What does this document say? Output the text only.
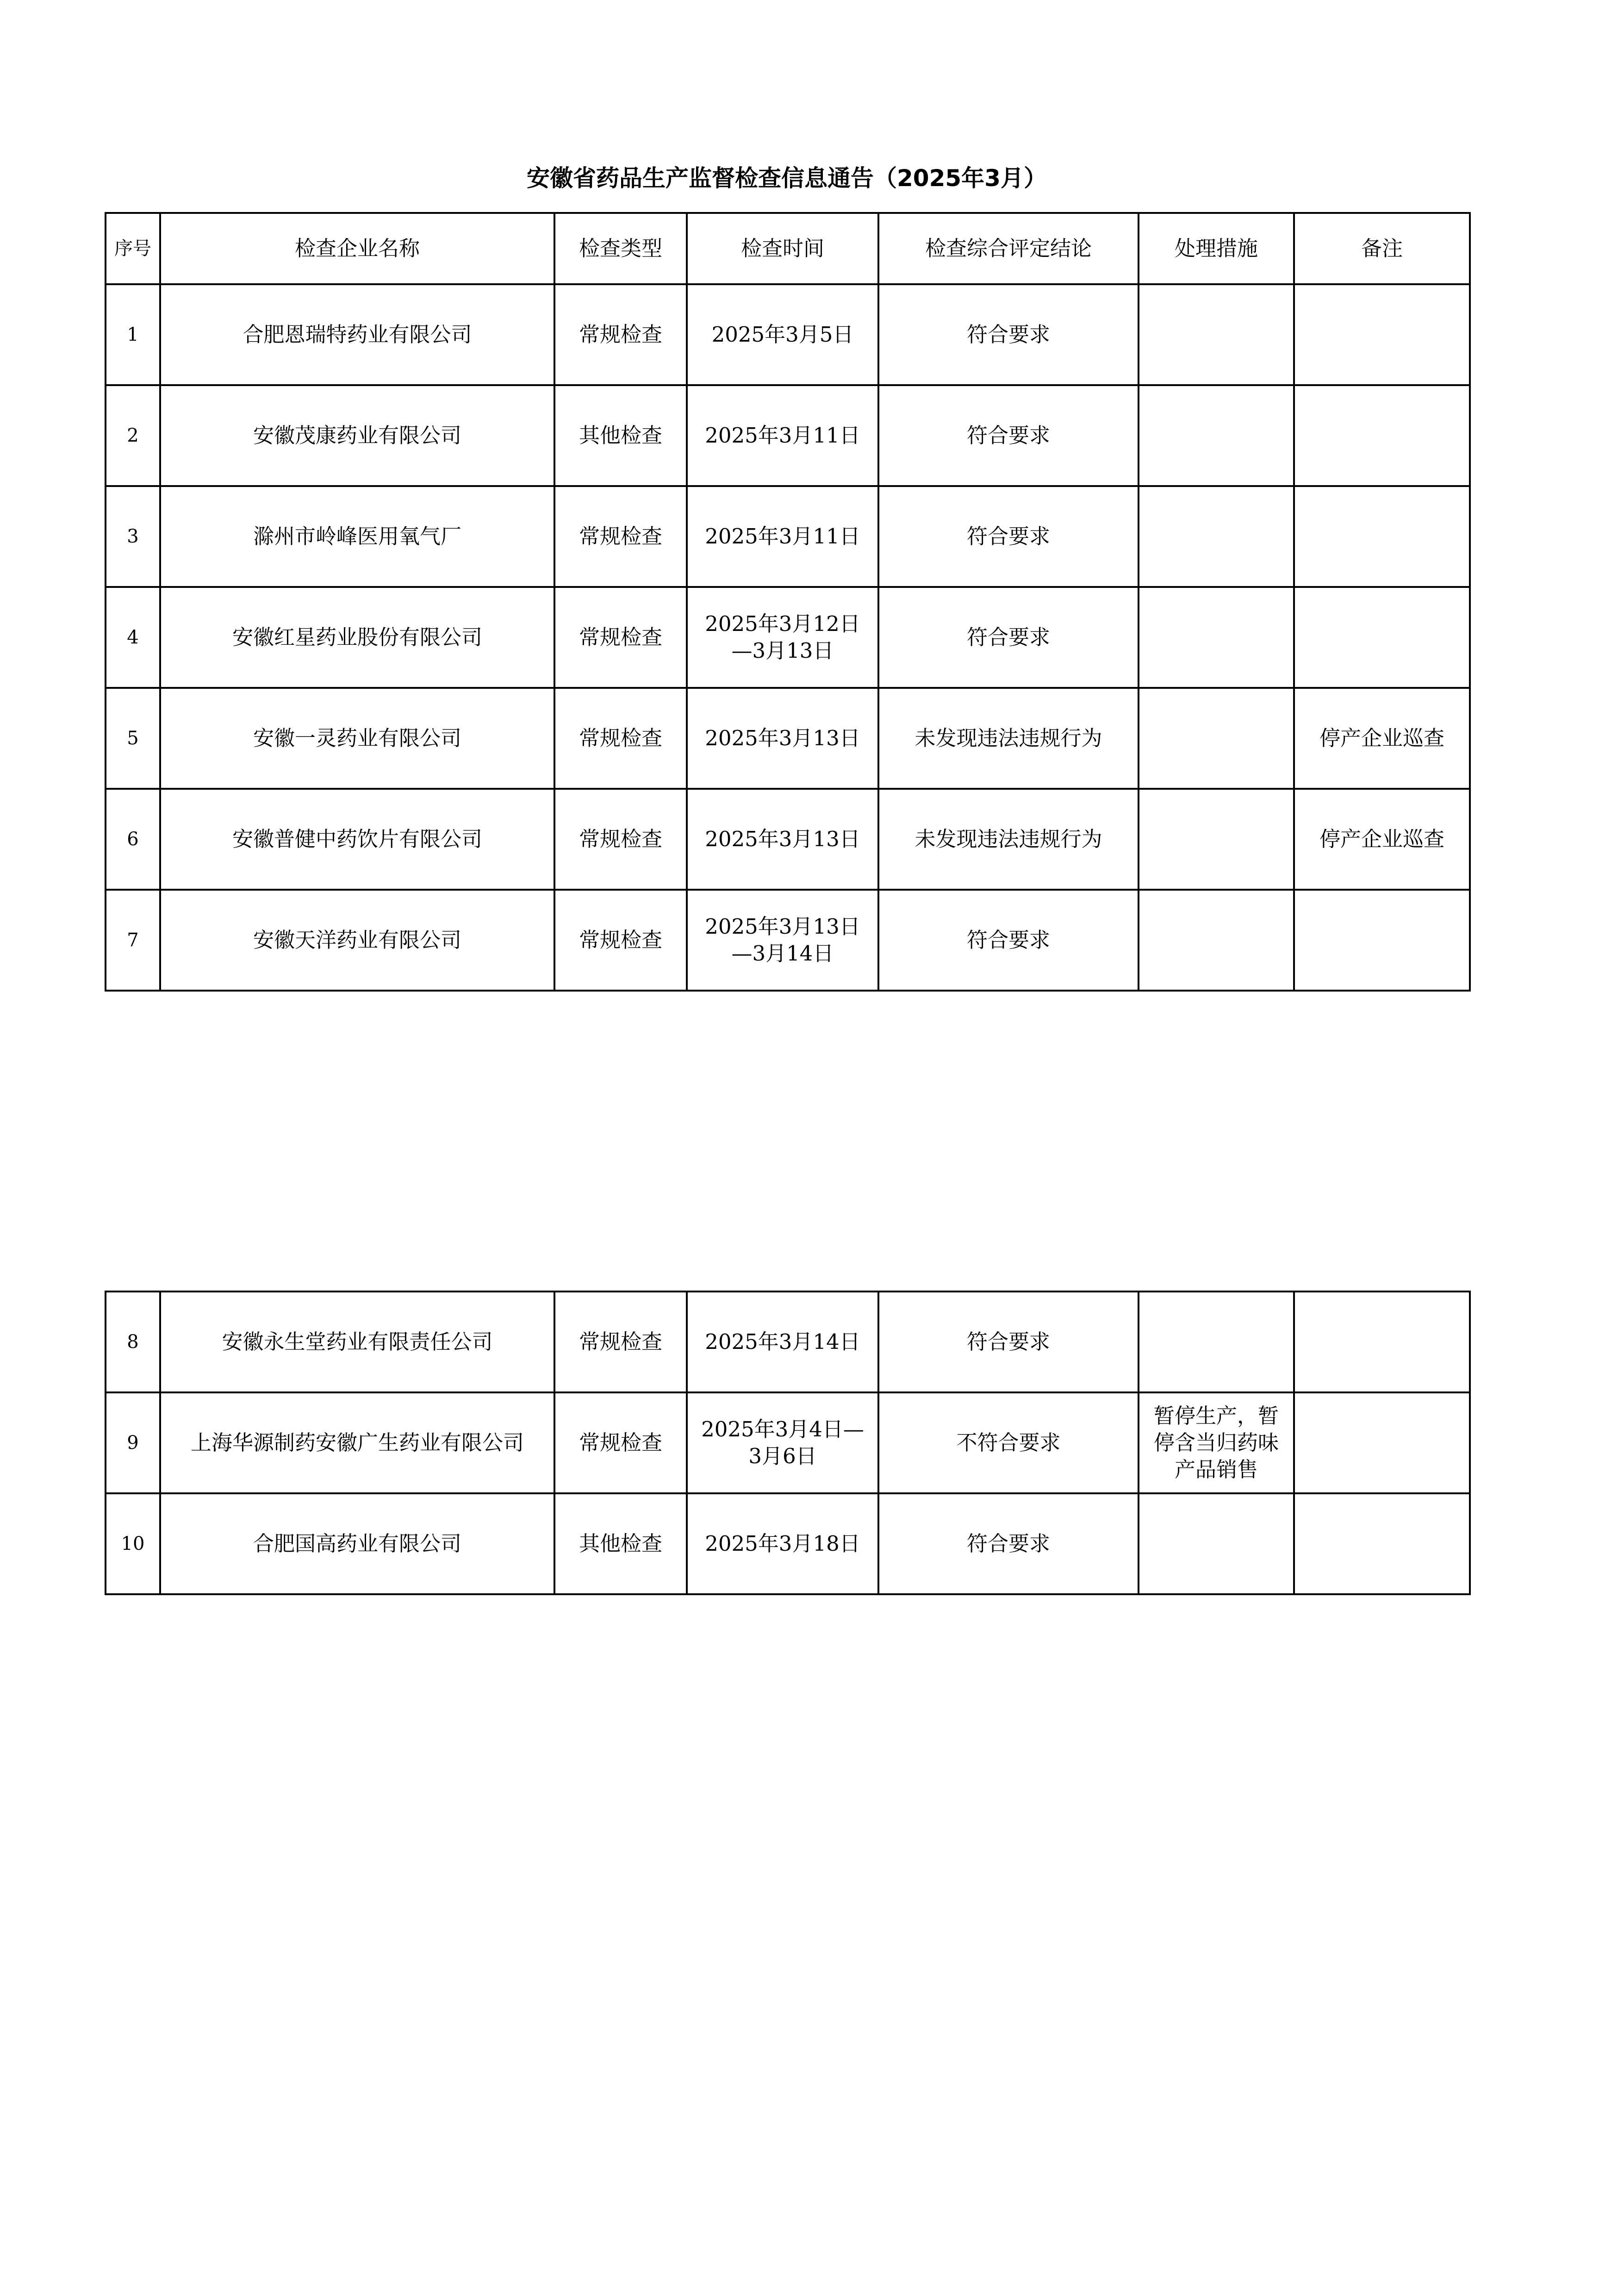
安徽省药品生产监督检查信息通告（2025年3月）
序号	检查企业名称	检查类型	检查时间	检查综合评定结论	处理措施	备注
1	合肥恩瑞特药业有限公司	常规检查	2025年3月5日	符合要求		
2	安徽茂康药业有限公司	其他检查	2025年3月11日	符合要求		
3	滁州市岭峰医用氧气厂	常规检查	2025年3月11日	符合要求		
4	安徽红星药业股份有限公司	常规检查	2025年3月12日—3月13日	符合要求		
5	安徽一灵药业有限公司	常规检查	2025年3月13日	未发现违法违规行为		停产企业巡查
6	安徽普健中药饮片有限公司	常规检查	2025年3月13日	未发现违法违规行为		停产企业巡查
7	安徽天洋药业有限公司	常规检查	2025年3月13日—3月14日	符合要求		
8	安徽永生堂药业有限责任公司	常规检查	2025年3月14日	符合要求		
9	上海华源制药安徽广生药业有限公司	常规检查	2025年3月4日—3月6日	不符合要求	暂停生产，暂停含当归药味产品销售	
10	合肥国高药业有限公司	其他检查	2025年3月18日	符合要求		
